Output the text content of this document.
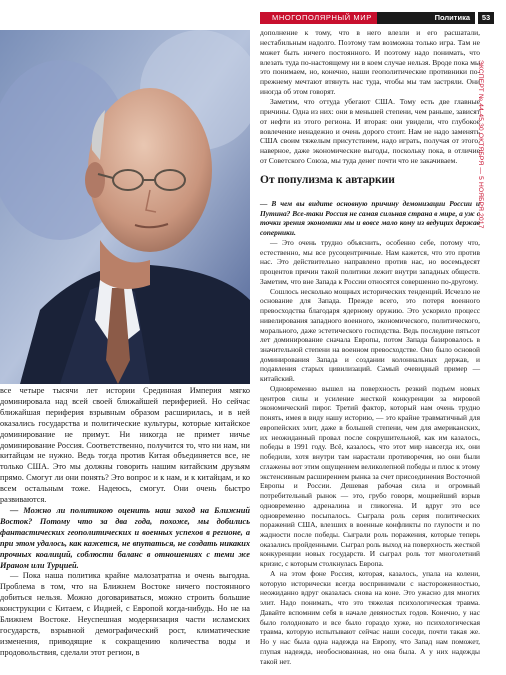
МНОГОПОЛЯРНЫЙ МИР	Политика	53
ЭКСПЕРТ № 44-45 30 ОКТЯБРЯ — 5 НОЯБРЯ 2017

все четыре тысячи лет истории Срединная Империя мягко доминировала над всей своей ближайшей периферией. Но сейчас ближайшая периферия взрывным образом расширилась, и в ней оказались государства и политические культуры, которые китайское доминирование не примут. Ни никогда не примет ничье доминирование Россия. Соответственно, получится то, что ни нам, ни китайцам не нужно. Ведь тогда против Китая объединяется все, не только США. Это мы должны говорить нашим китайским друзьям прямо. Смогут ли они понять? Это вопрос и к нам, и к китайцам, и ко всем остальным тоже. Надеюсь, смогут. Они очень быстро развиваются.

— Можно ли политикою оценить наш заход на Ближний Восток? Потому что за два года, похоже, мы добились фантастических геополитических и военных успехов в регионе, а при этом удалось, как кажется, не впутаться, не создать никаких прочных коалиций, соблюсти баланс в отношениях с теми же Ираном или Турцией.

— Пока наша политика крайне малозатратна и очень выгодна. Проблема в том, что на Ближнем Востоке ничего постоянного добиться нельзя. Можно договариваться, можно строить большие конструкции с Китаем, с Индией, с Европой когда-нибудь. Но не на Ближнем Востоке. Неуспешная модернизация части исламских государств, взрывной демографический рост, климатические изменения, приводящие к сокращению количества воды и продовольствия, сделали этот регион, в

дополнение к тому, что в него влезли и его расшатали, нестабильным надолго. Поэтому там возможна только игра. Там не может быть ничего постоянного. И поэтому надо понимать, что влезать туда по-настоящему ни в коем случае нельзя. Вроде пока мы это понимаем, но, конечно, наши геополитические противники по-прежнему мечтают втянуть нас туда, чтобы мы там застряли. Они иногда об этом говорят.

Заметим, что оттуда убегают США. Тому есть две главные причины. Одна из них: они в меньшей степени, чем раньше, зависят от нефти из этого региона. И вторая: они увидели, что глубокое вовлечение ненадежно и очень дорого стоит. Нам не надо заменять США своим тяжелым присутствием, надо играть, получая от этого, наверное, даже экономические выгоды, поскольку пока, в отличие от Советского Союза, мы туда денег почти что не закачиваем.

От популизма к автаркии

— В чем вы видите основную причину демонизации России и Путина? Все-таки Россия не самая сильная страна в мире, а уж с точки зрения экономики мы и вовсе мало кому из ведущих держав соперники.

— Это очень трудно объяснить, особенно себе, потому что, естественно, мы все русоцентричные. Нам кажется, что это против нас. Это действительно направлено против нас, но восемьдесят процентов причин такой политики лежит внутри западных обществ. Заметим, что вне Запада к России относятся совершенно по-другому.

Сошлось несколько мощных исторических тенденций. Исчезло не основание для Запада. Прежде всего, это потеря военного превосходства благодаря ядерному оружию. Это ускорило процесс нивелирования западного военного, экономического, политического, морального, даже эстетического господства. Ведь последние пятьсот лет доминирование сначала Европы, потом Запада базировалось в значительной степени на военном превосходстве. Оно было основой доминирования Запада и создании колониальных держав, и подавления старых цивилизаций. Самый очевидный пример — китайский.

Одновременно вышел на поверхность резкий подъем новых центров силы и усиление жесткой конкуренции за мировой экономический пирог. Третий фактор, который нам очень трудно понять, имея в виду нашу историю, — это крайне травматичный для европейских элит, даже в большей степени, чем для американских, их неожиданный провал после сокрушительной, как им казалось, победы в 1991 году. Всё, казалось, что этот мир навсегда их, они победили, хотя внутри там нарастали противоречия, но они были сглажены вот этим ощущением великолепной победы и плюс к этому экстенсивным расширением рынка за счет присоединения Восточной Европы и России. Дешевая рабочая сила и огромный потребительный рынок — это, грубо говоря, мощнейший взрыв одновременно адреналина и гликогена. И вдруг это все одновременно посыпалось. Сыграла роль серия политических поражений США, влезших в военные конфликты по глупости и по жадности после победы. Сыграли роль поражения, которые теперь оказались пройденными. Сыграл роль выход на поверхность жесткой конкуренции новых государств. И сыграл роль тот многолетний кризис, с которым столкнулась Европа.

А на этом фоне Россия, которая, казалось, упала на колени, которую исторически всегда воспринимали с настороженностью, неожиданно вдруг оказалась снова на коне. Это ужасно для многих элит. Надо понимать, что это тяжелая психологическая травма. Давайте вспомним себя в начале девяностых годов. Конечно, у нас было голодновато и все было гораздо хуже, но психологическая травма, которую испытывают сейчас наши соседи, почти такая же. Но у нас была одна надежда на Европу, что Запад нам поможет, глупая надежда, необоснованная, но она была. А у них надежды такой нет.
